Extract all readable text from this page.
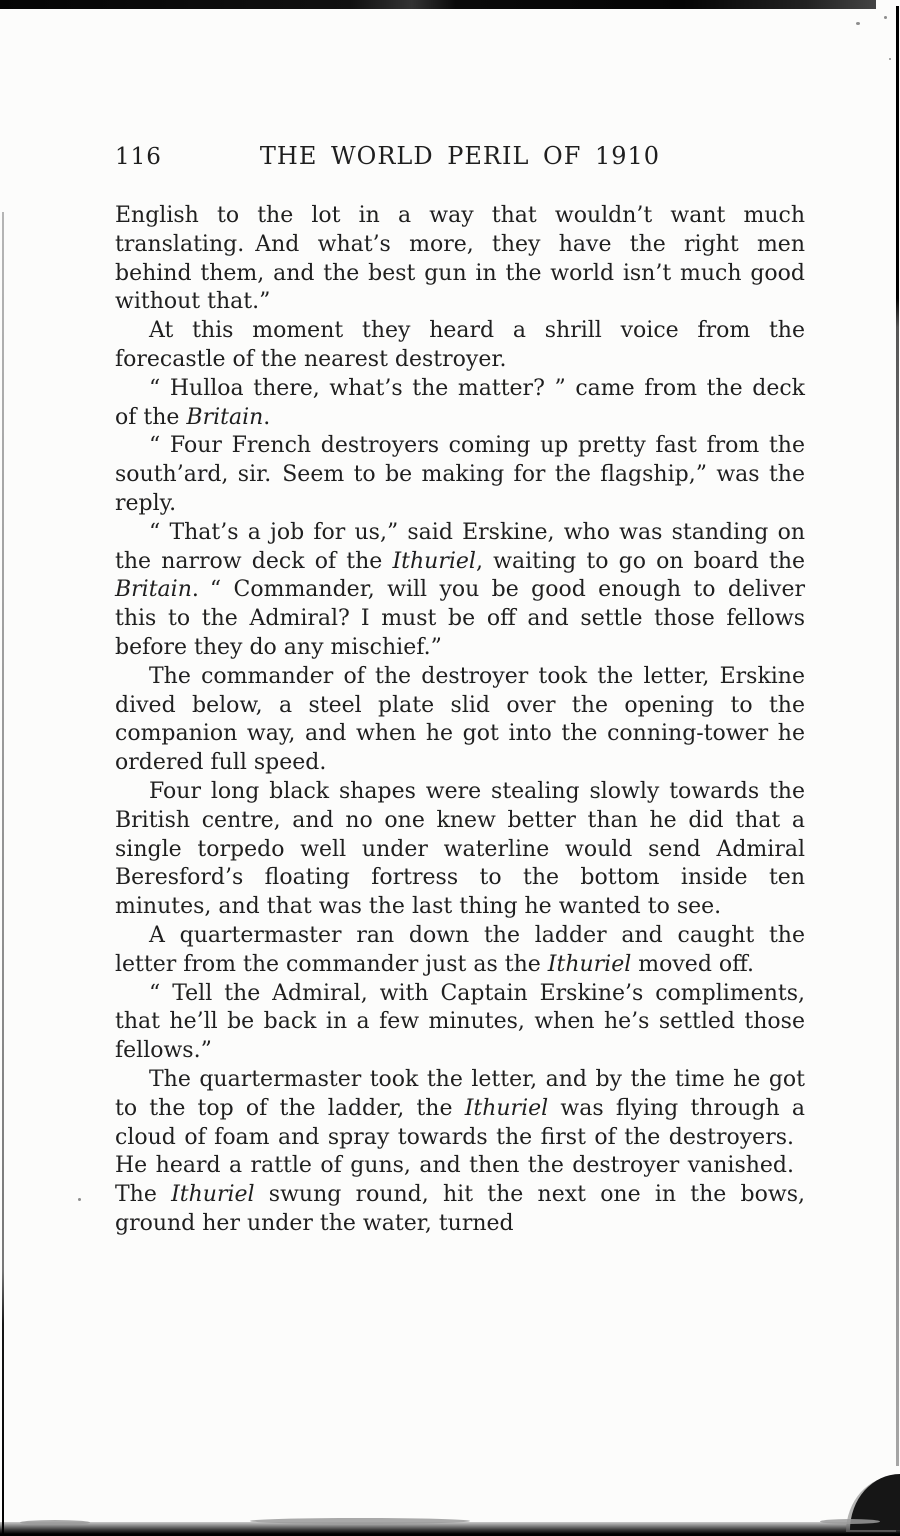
116	THE WORLD PERIL OF 1910

English to the lot in a way that wouldn’t want much translating. And what’s more, they have the right men behind them, and the best gun in the world isn’t much good without that.”

At this moment they heard a shrill voice from the forecastle of the nearest destroyer.

“ Hulloa there, what’s the matter? ” came from the deck of the Britain.

“ Four French destroyers coming up pretty fast from the south’ard, sir. Seem to be making for the flagship,” was the reply.

“ That’s a job for us,” said Erskine, who was standing on the narrow deck of the Ithuriel, waiting to go on board the Britain. “ Commander, will you be good enough to deliver this to the Admiral? I must be off and settle those fellows before they do any mischief.”

The commander of the destroyer took the letter, Erskine dived below, a steel plate slid over the opening to the companion way, and when he got into the conning-tower he ordered full speed.

Four long black shapes were stealing slowly towards the British centre, and no one knew better than he did that a single torpedo well under waterline would send Admiral Beresford’s floating fortress to the bottom inside ten minutes, and that was the last thing he wanted to see.

A quartermaster ran down the ladder and caught the letter from the commander just as the Ithuriel moved off.

“ Tell the Admiral, with Captain Erskine’s compliments, that he’ll be back in a few minutes, when he’s settled those fellows.”

The quartermaster took the letter, and by the time he got to the top of the ladder, the Ithuriel was flying through a cloud of foam and spray towards the first of the destroyers. He heard a rattle of guns, and then the destroyer vanished. The Ithuriel swung round, hit the next one in the bows, ground her under the water, turned
